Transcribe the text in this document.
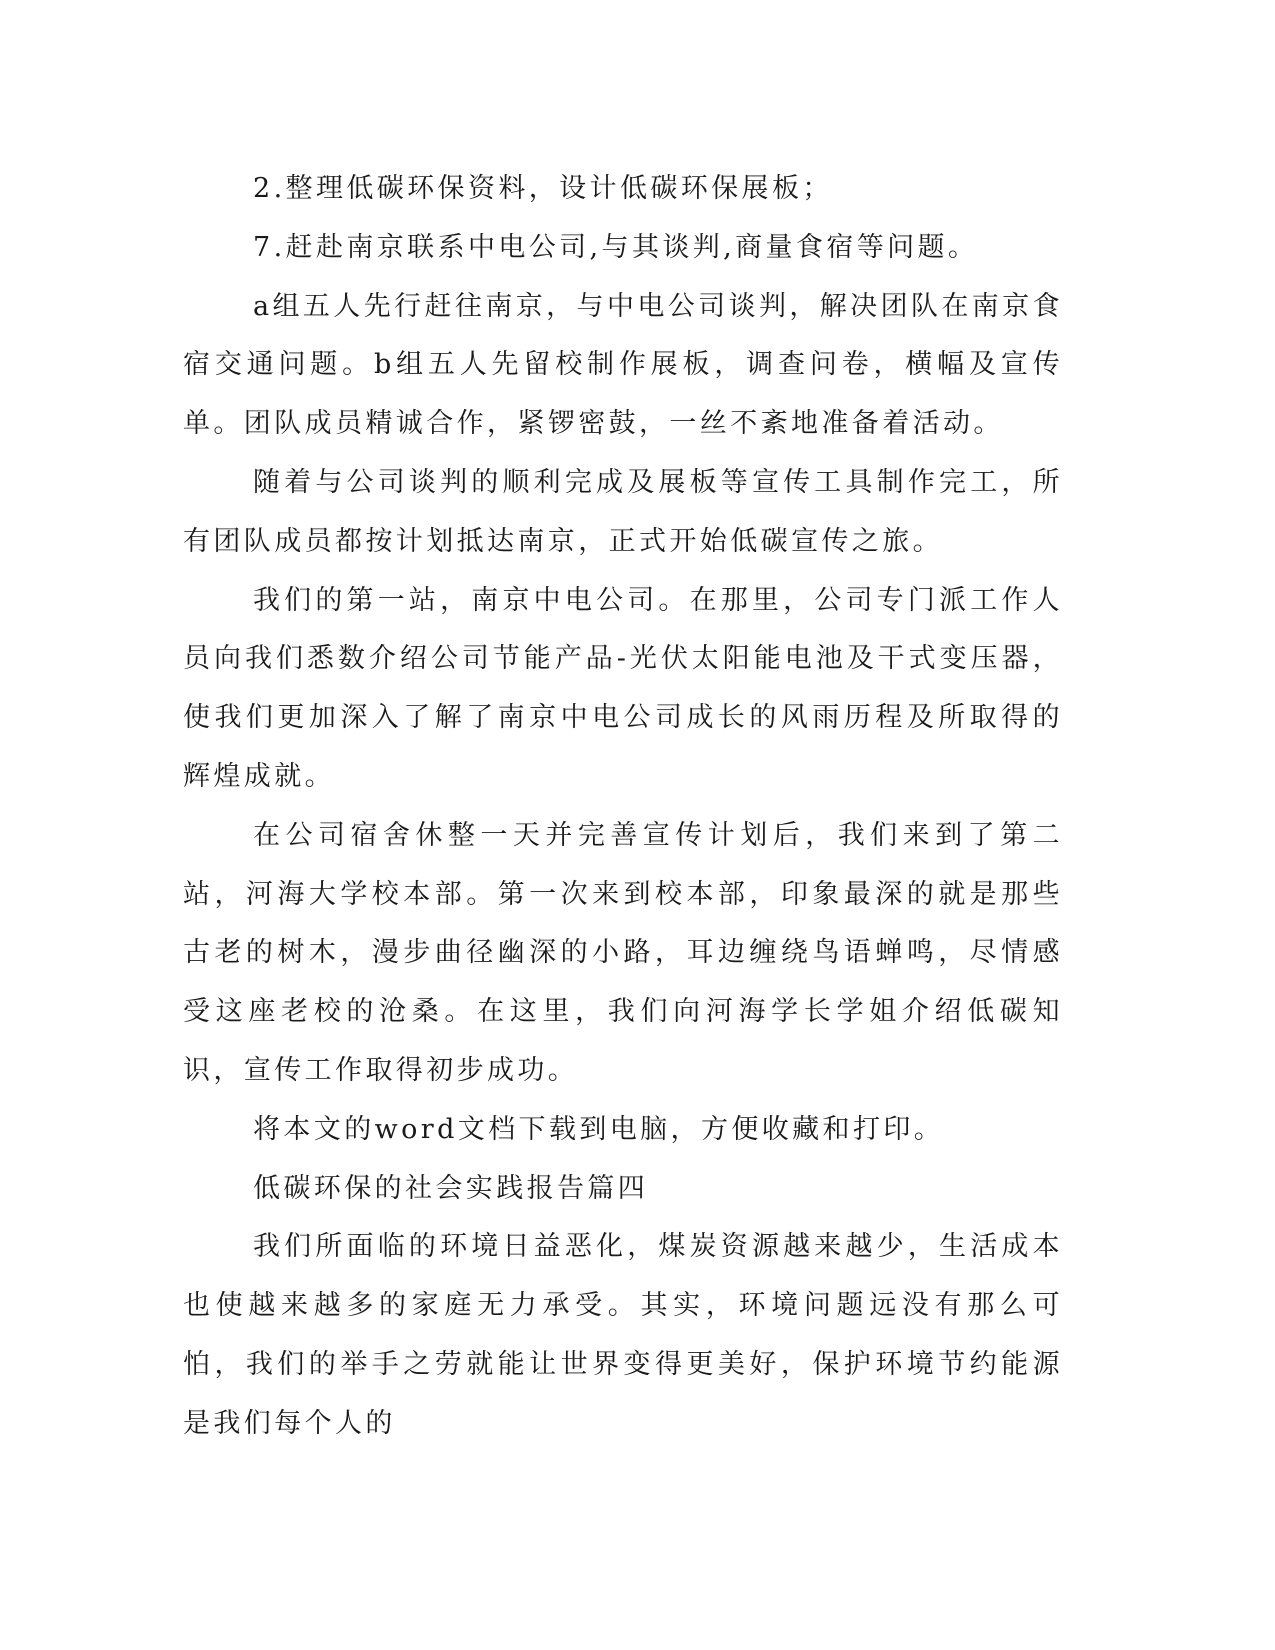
2.整理低碳环保资料，设计低碳环保展板；

7.赶赴南京联系中电公司,与其谈判,商量食宿等问题。

a组五人先行赶往南京，与中电公司谈判，解决团队在南京食宿交通问题。b组五人先留校制作展板，调查问卷，横幅及宣传单。团队成员精诚合作，紧锣密鼓，一丝不紊地准备着活动。

随着与公司谈判的顺利完成及展板等宣传工具制作完工，所有团队成员都按计划抵达南京，正式开始低碳宣传之旅。

我们的第一站，南京中电公司。在那里，公司专门派工作人员向我们悉数介绍公司节能产品-光伏太阳能电池及干式变压器，使我们更加深入了解了南京中电公司成长的风雨历程及所取得的辉煌成就。

在公司宿舍休整一天并完善宣传计划后，我们来到了第二站，河海大学校本部。第一次来到校本部，印象最深的就是那些古老的树木，漫步曲径幽深的小路，耳边缠绕鸟语蝉鸣，尽情感受这座老校的沧桑。在这里，我们向河海学长学姐介绍低碳知识，宣传工作取得初步成功。

将本文的word文档下载到电脑，方便收藏和打印。

低碳环保的社会实践报告篇四

我们所面临的环境日益恶化，煤炭资源越来越少，生活成本也使越来越多的家庭无力承受。其实，环境问题远没有那么可怕，我们的举手之劳就能让世界变得更美好，保护环境节约能源是我们每个人的
